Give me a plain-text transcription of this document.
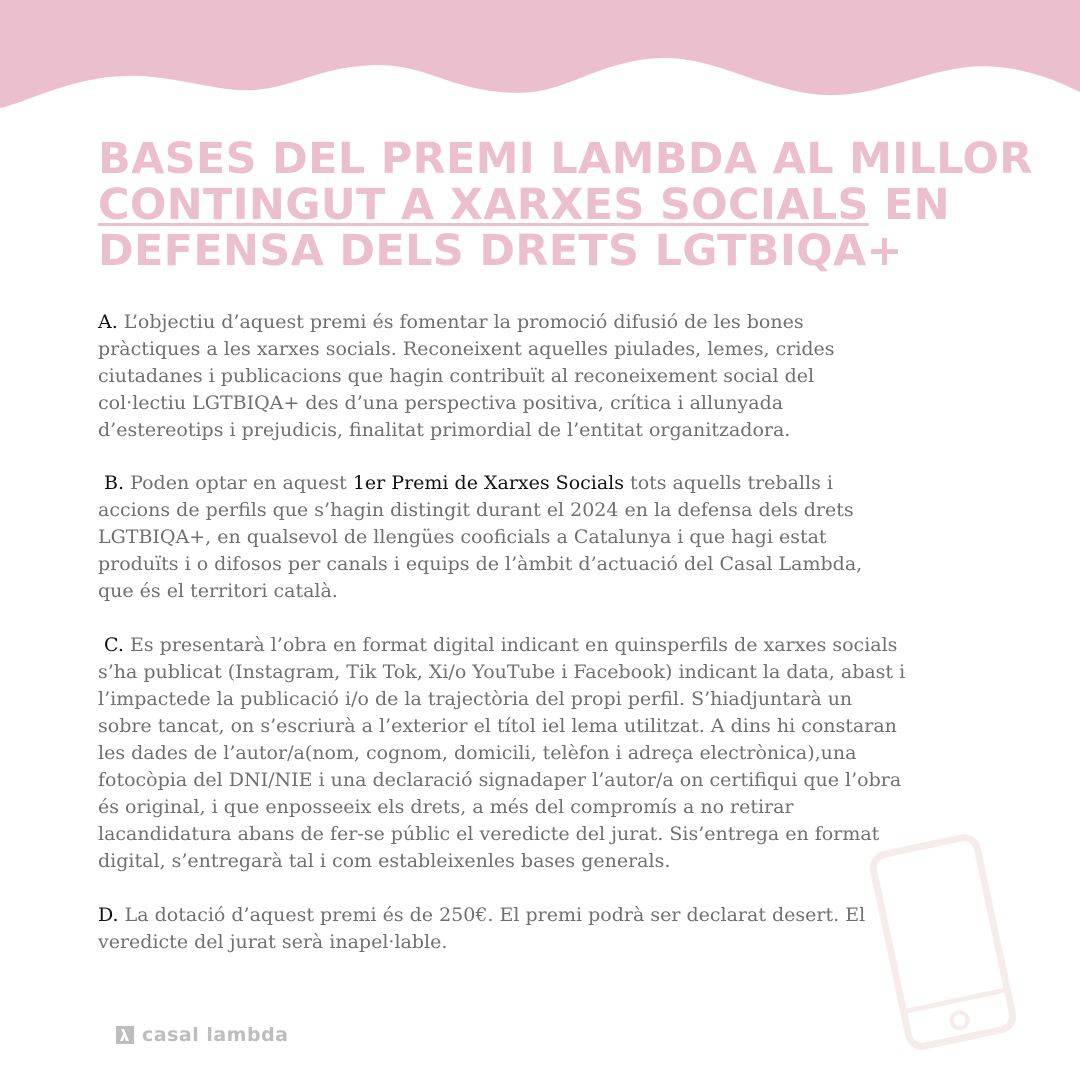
BASES DEL PREMI LAMBDA AL MILLOR
CONTINGUT A XARXES SOCIALS EN
DEFENSA DELS DRETS LGTBIQA+
A. L’objectiu d’aquest premi és fomentar la promoció difusió de les bones
pràctiques a les xarxes socials. Reconeixent aquelles piulades, lemes, crides
ciutadanes i publicacions que hagin contribuït al reconeixement social del
col·lectiu LGTBIQA+ des d’una perspectiva positiva, crítica i allunyada
d’estereotips i prejudicis, finalitat primordial de l’entitat organitzadora.
B. Poden optar en aquest 1er Premi de Xarxes Socials tots aquells treballs i
accions de perfils que s’hagin distingit durant el 2024 en la defensa dels drets
LGTBIQA+, en qualsevol de llengües cooficials a Catalunya i que hagi estat
produïts i o difosos per canals i equips de l’àmbit d’actuació del Casal Lambda,
que és el territori català.
C. Es presentarà l’obra en format digital indicant en quinsperfils de xarxes socials
s’ha publicat (Instagram, Tik Tok, Xi/o YouTube i Facebook) indicant la data, abast i
l’impactede la publicació i/o de la trajectòria del propi perfil. S’hiadjuntarà un
sobre tancat, on s’escriurà a l’exterior el títol iel lema utilitzat. A dins hi constaran
les dades de l’autor/a(nom, cognom, domicili, telèfon i adreça electrònica),una
fotocòpia del DNI/NIE i una declaració signadaper l’autor/a on certifiqui que l’obra
és original, i que enposseeix els drets, a més del compromís a no retirar
lacandidatura abans de fer-se públic el veredicte del jurat. Sis’entrega en format
digital, s’entregarà tal i com estableixenles bases generals.
D. La dotació d’aquest premi és de 250€. El premi podrà ser declarat desert. El
veredicte del jurat serà inapel·lable.
casal lambda
